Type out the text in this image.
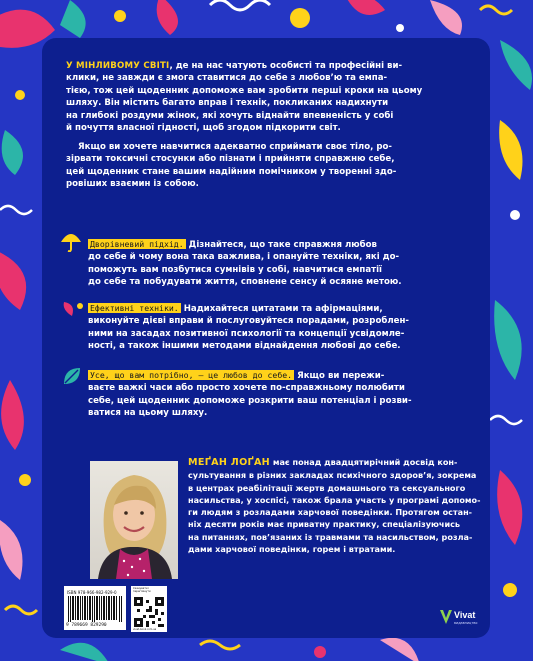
У МІНЛИВОМУ СВІТІ, де на нас чатують особисті та професійні ви-

клики, не завжди є змога ставитися до себе з любов’ю та емпа-

тією, тож цей щоденник допоможе вам зробити перші кроки на цьому

шляху. Він містить багато вправ і технік, покликаних надихнути

на глибокі роздуми жінок, які хочуть віднайти впевненість у собі

й почуття власної гідності, щоб згодом підкорити світ.

Якщо ви хочете навчитися адекватно сприймати своє тіло, ро-

зірвати токсичні стосунки або пізнати і прийняти справжню себе,

цей щоденник стане вашим надійним помічником у творенні здо-

ровіших взаємин із собою.

Дворівневий підхід. Дізнайтеся, що таке справжня любов

до себе й чому вона така важлива, і опануйте техніки, які до-

поможуть вам позбутися сумнівів у собі, навчитися емпатії

до себе та побудувати життя, сповнене сенсу й осяяне метою.

Ефективні техніки. Надихайтеся цитатами та афірмаціями,

виконуйте дієві вправи й послуговуйтеся порадами, розроблен-

ними на засадах позитивної психології та концепції усвідомле-

ності, а також іншими методами віднайдення любові до себе.

Усе, що вам потрібно, — це любов до себе. Якщо ви пережи-

ваєте важкі часи або просто хочете по-справжньому полюбити

себе, цей щоденник допоможе розкрити ваш потенціал і розви-

ватися на цьому шляху.

МЕҐАН ЛОҐАН має понад двадцятирічний досвід кон-

сультування в різних закладах психічного здоров’я, зокрема

в центрах реабілітації жертв домашнього та сексуального

насильства, у хоспісі, також брала участь у програмі допомо-

ги людям з розладами харчової поведінки. Протягом остан-

ніх десяти років має приватну практику, спеціалізуючись

на питаннях, пов’язаних із травмами та насильством, розла-

дами харчової поведінки, горем і втратами.

ISBN 978-966-982-929-0
9 789669 829290
Сканувати і переглянути
vivat-book.com.ua
Vivat
видавництво
